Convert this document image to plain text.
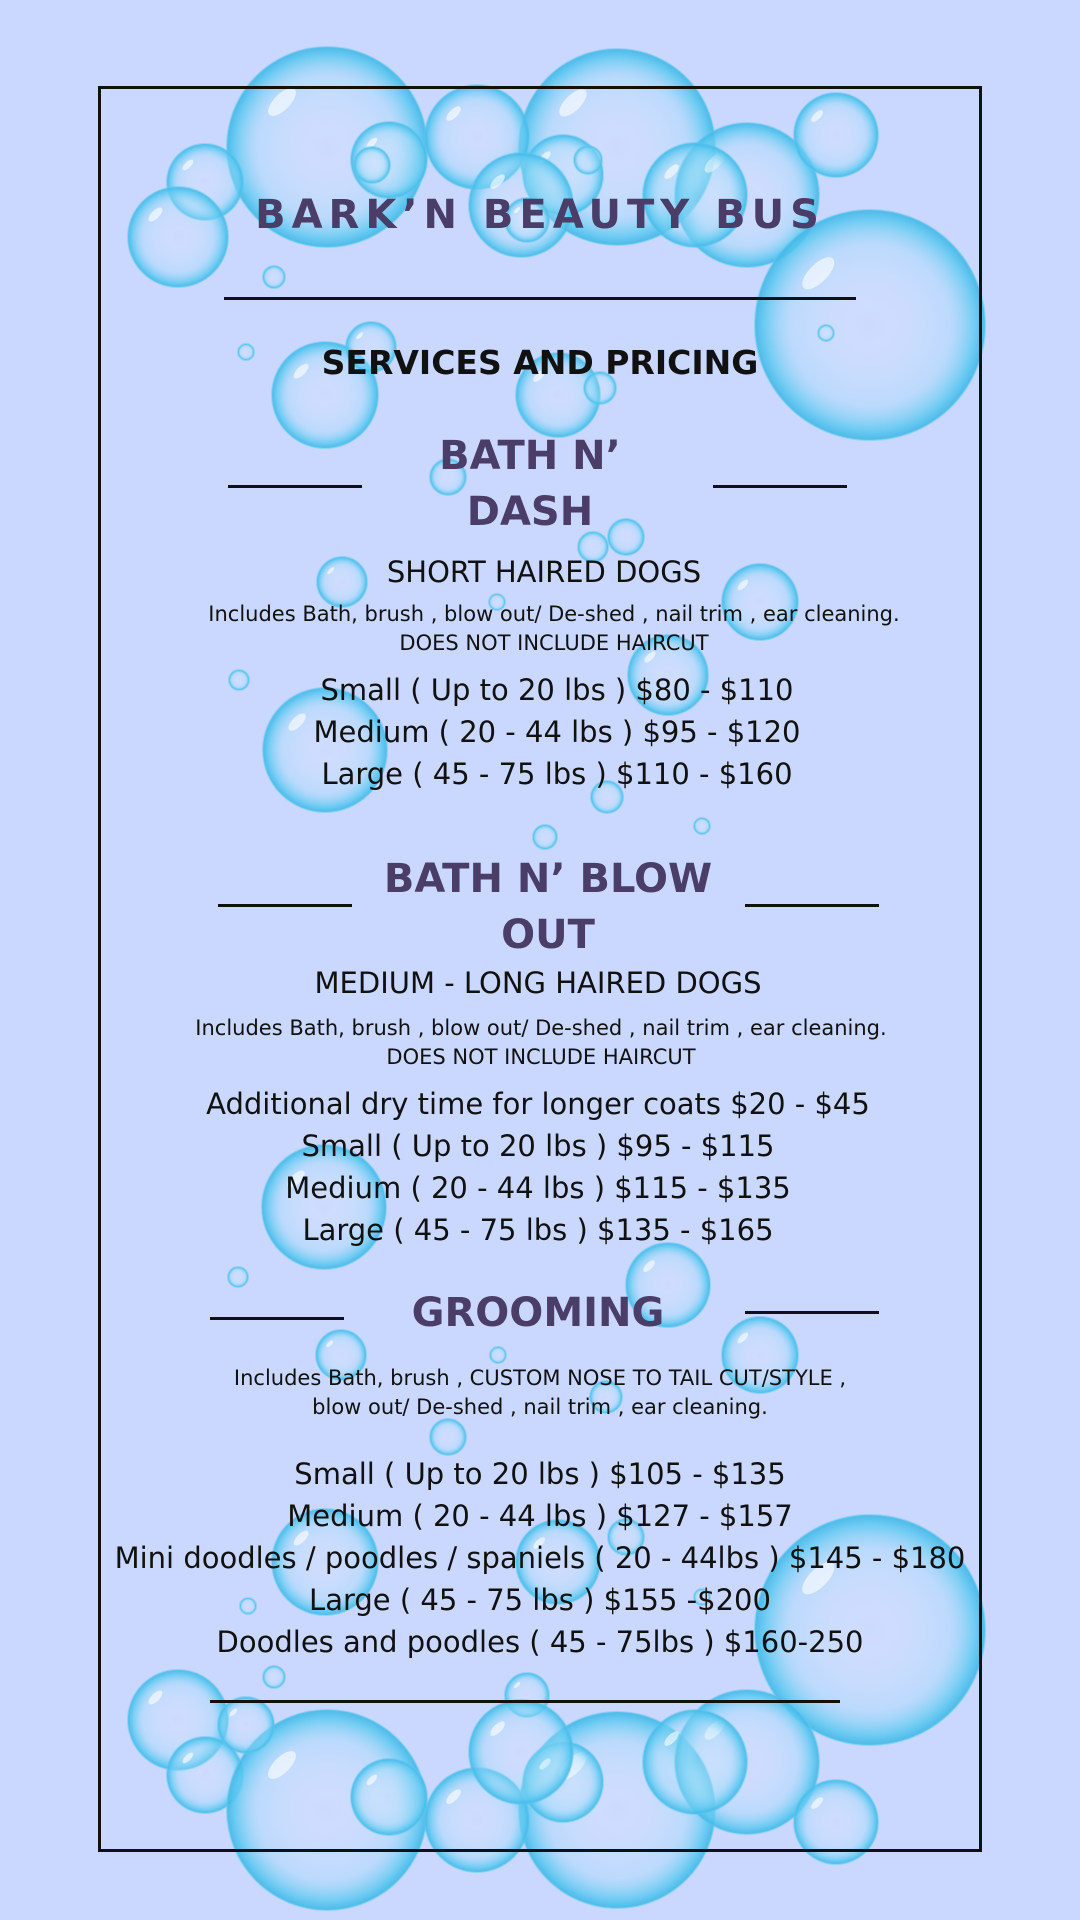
BARK’N BEAUTY BUS
SERVICES AND PRICING
BATH N’
DASH
SHORT HAIRED DOGS
Includes Bath, brush , blow out/ De-shed , nail trim , ear cleaning.
DOES NOT INCLUDE HAIRCUT
Small ( Up to 20 lbs ) $80 - $110
Medium ( 20 - 44 lbs ) $95 - $120
Large ( 45 - 75 lbs ) $110 - $160
BATH N’ BLOW
OUT
MEDIUM - LONG HAIRED DOGS
Includes Bath, brush , blow out/ De-shed , nail trim , ear cleaning.
DOES NOT INCLUDE HAIRCUT
Additional dry time for longer coats $20 - $45
Small ( Up to 20 lbs ) $95 - $115
Medium ( 20 - 44 lbs ) $115 - $135
Large ( 45 - 75 lbs ) $135 - $165
GROOMING
Includes Bath, brush , CUSTOM NOSE TO TAIL CUT/STYLE ,
blow out/ De-shed , nail trim , ear cleaning.
Small ( Up to 20 lbs ) $105 - $135
Medium ( 20 - 44 lbs ) $127 - $157
Mini doodles / poodles / spaniels ( 20 - 44lbs ) $145 - $180
Large ( 45 - 75 lbs ) $155 -$200
Doodles and poodles ( 45 - 75lbs ) $160-250
